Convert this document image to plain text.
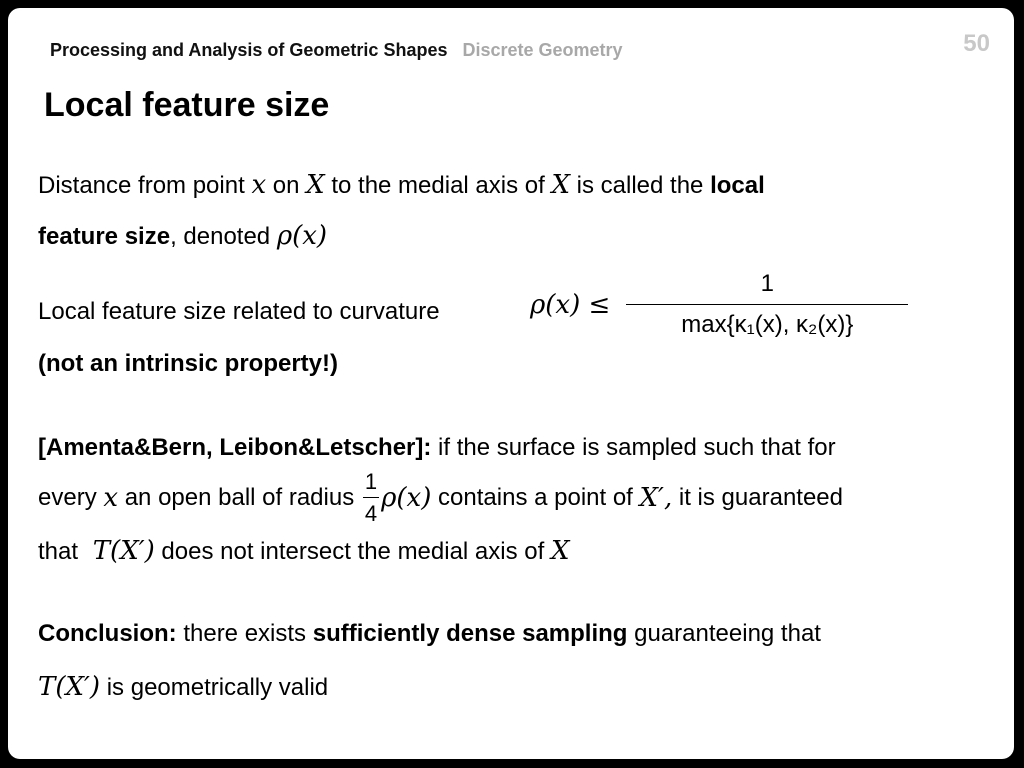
Processing and Analysis of Geometric Shapes Discrete Geometry	50
Local feature size
Distance from point x on X to the medial axis of X is called the local
feature size, denoted ρ(x)
Local feature size related to curvature	$\rho(x) \le \frac{1}{\text{max\{κ₁(x), κ₂(x)\}}}$
(not an intrinsic property!)
[Amenta&Bern, Leibon&Letscher]: if the surface is sampled such that for
every
x
an open ball of radius
$\frac{1}{4} \rho(x)$
contains a point of
X′,
it is guaranteed
that T(X′) does not intersect the medial axis of X
Conclusion: there exists sufficiently dense sampling guaranteeing that
T(X′) is geometrically valid
